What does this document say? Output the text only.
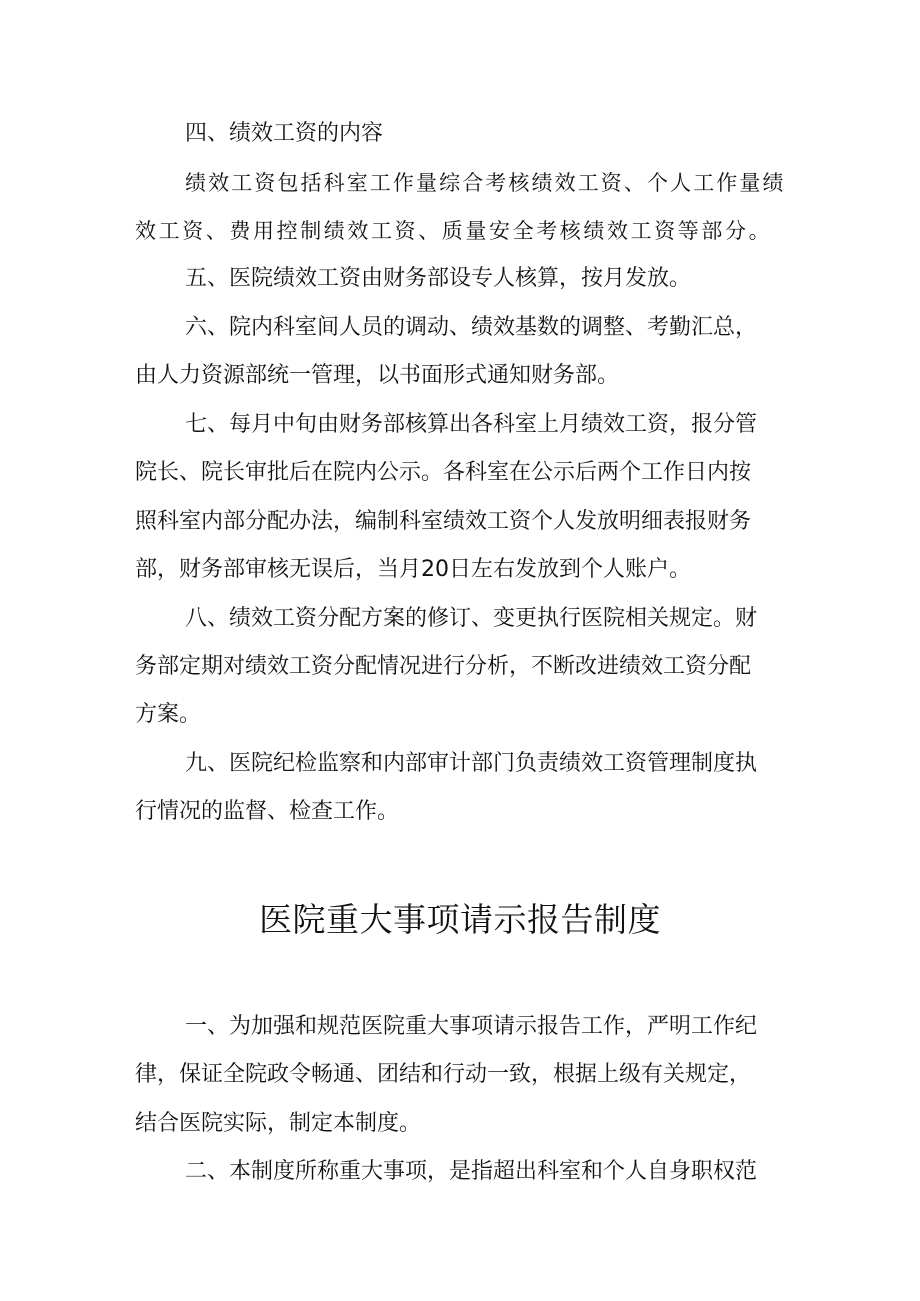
四、绩效工资的内容

绩效工资包括科室工作量综合考核绩效工资、个人工作量绩

效工资、费用控制绩效工资、质量安全考核绩效工资等部分。

五、医院绩效工资由财务部设专人核算，按月发放。

六、院内科室间人员的调动、绩效基数的调整、考勤汇总，

由人力资源部统一管理，以书面形式通知财务部。

七、每月中旬由财务部核算出各科室上月绩效工资，报分管

院长、院长审批后在院内公示。各科室在公示后两个工作日内按

照科室内部分配办法，编制科室绩效工资个人发放明细表报财务

部，财务部审核无误后，当月20日左右发放到个人账户。

八、绩效工资分配方案的修订、变更执行医院相关规定。财

务部定期对绩效工资分配情况进行分析，不断改进绩效工资分配

方案。

九、医院纪检监察和内部审计部门负责绩效工资管理制度执

行情况的监督、检查工作。

医院重大事项请示报告制度

一、为加强和规范医院重大事项请示报告工作，严明工作纪

律，保证全院政令畅通、团结和行动一致，根据上级有关规定，

结合医院实际，制定本制度。

二、本制度所称重大事项，是指超出科室和个人自身职权范
